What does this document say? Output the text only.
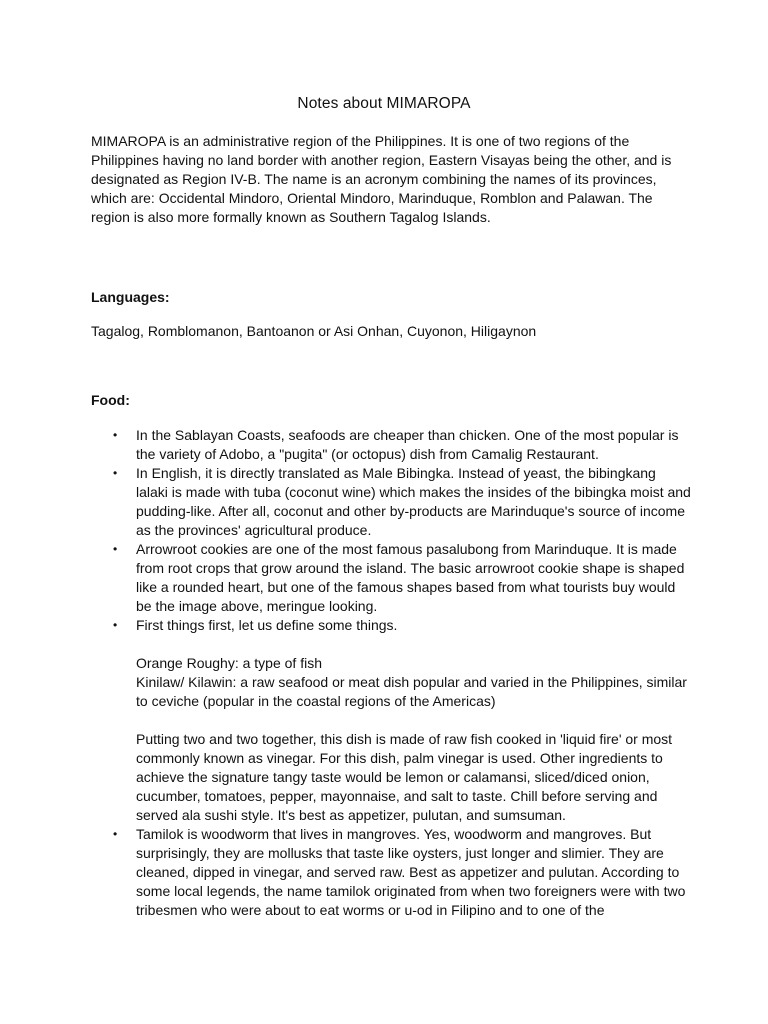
Notes about MIMAROPA

MIMAROPA is an administrative region of the Philippines. It is one of two regions of the Philippines having no land border with another region, Eastern Visayas being the other, and is designated as Region IV-B. The name is an acronym combining the names of its provinces, which are: Occidental Mindoro, Oriental Mindoro, Marinduque, Romblon and Palawan. The region is also more formally known as Southern Tagalog Islands.

Languages:
Tagalog, Romblomanon, Bantoanon or Asi Onhan, Cuyonon, Hiligaynon
Food:
• In the Sablayan Coasts, seafoods are cheaper than chicken. One of the most popular is the variety of Adobo, a "pugita" (or octopus) dish from Camalig Restaurant.
• In English, it is directly translated as Male Bibingka. Instead of yeast, the bibingkang lalaki is made with tuba (coconut wine) which makes the insides of the bibingka moist and pudding-like. After all, coconut and other by-products are Marinduque's source of income as the provinces' agricultural produce.
• Arrowroot cookies are one of the most famous pasalubong from Marinduque. It is made from root crops that grow around the island. The basic arrowroot cookie shape is shaped like a rounded heart, but one of the famous shapes based from what tourists buy would be the image above, meringue looking.
• First things first, let us define some things.

Orange Roughy: a type of fish

Kinilaw/ Kilawin: a raw seafood or meat dish popular and varied in the Philippines, similar to ceviche (popular in the coastal regions of the Americas)

Putting two and two together, this dish is made of raw fish cooked in 'liquid fire' or most commonly known as vinegar. For this dish, palm vinegar is used. Other ingredients to achieve the signature tangy taste would be lemon or calamansi, sliced/diced onion, cucumber, tomatoes, pepper, mayonnaise, and salt to taste. Chill before serving and served ala sushi style. It's best as appetizer, pulutan, and sumsuman.

• Tamilok is woodworm that lives in mangroves. Yes, woodworm and mangroves. But surprisingly, they are mollusks that taste like oysters, just longer and slimier. They are cleaned, dipped in vinegar, and served raw. Best as appetizer and pulutan. According to some local legends, the name tamilok originated from when two foreigners were with two tribesmen who were about to eat worms or u-od in Filipino and to one of the
